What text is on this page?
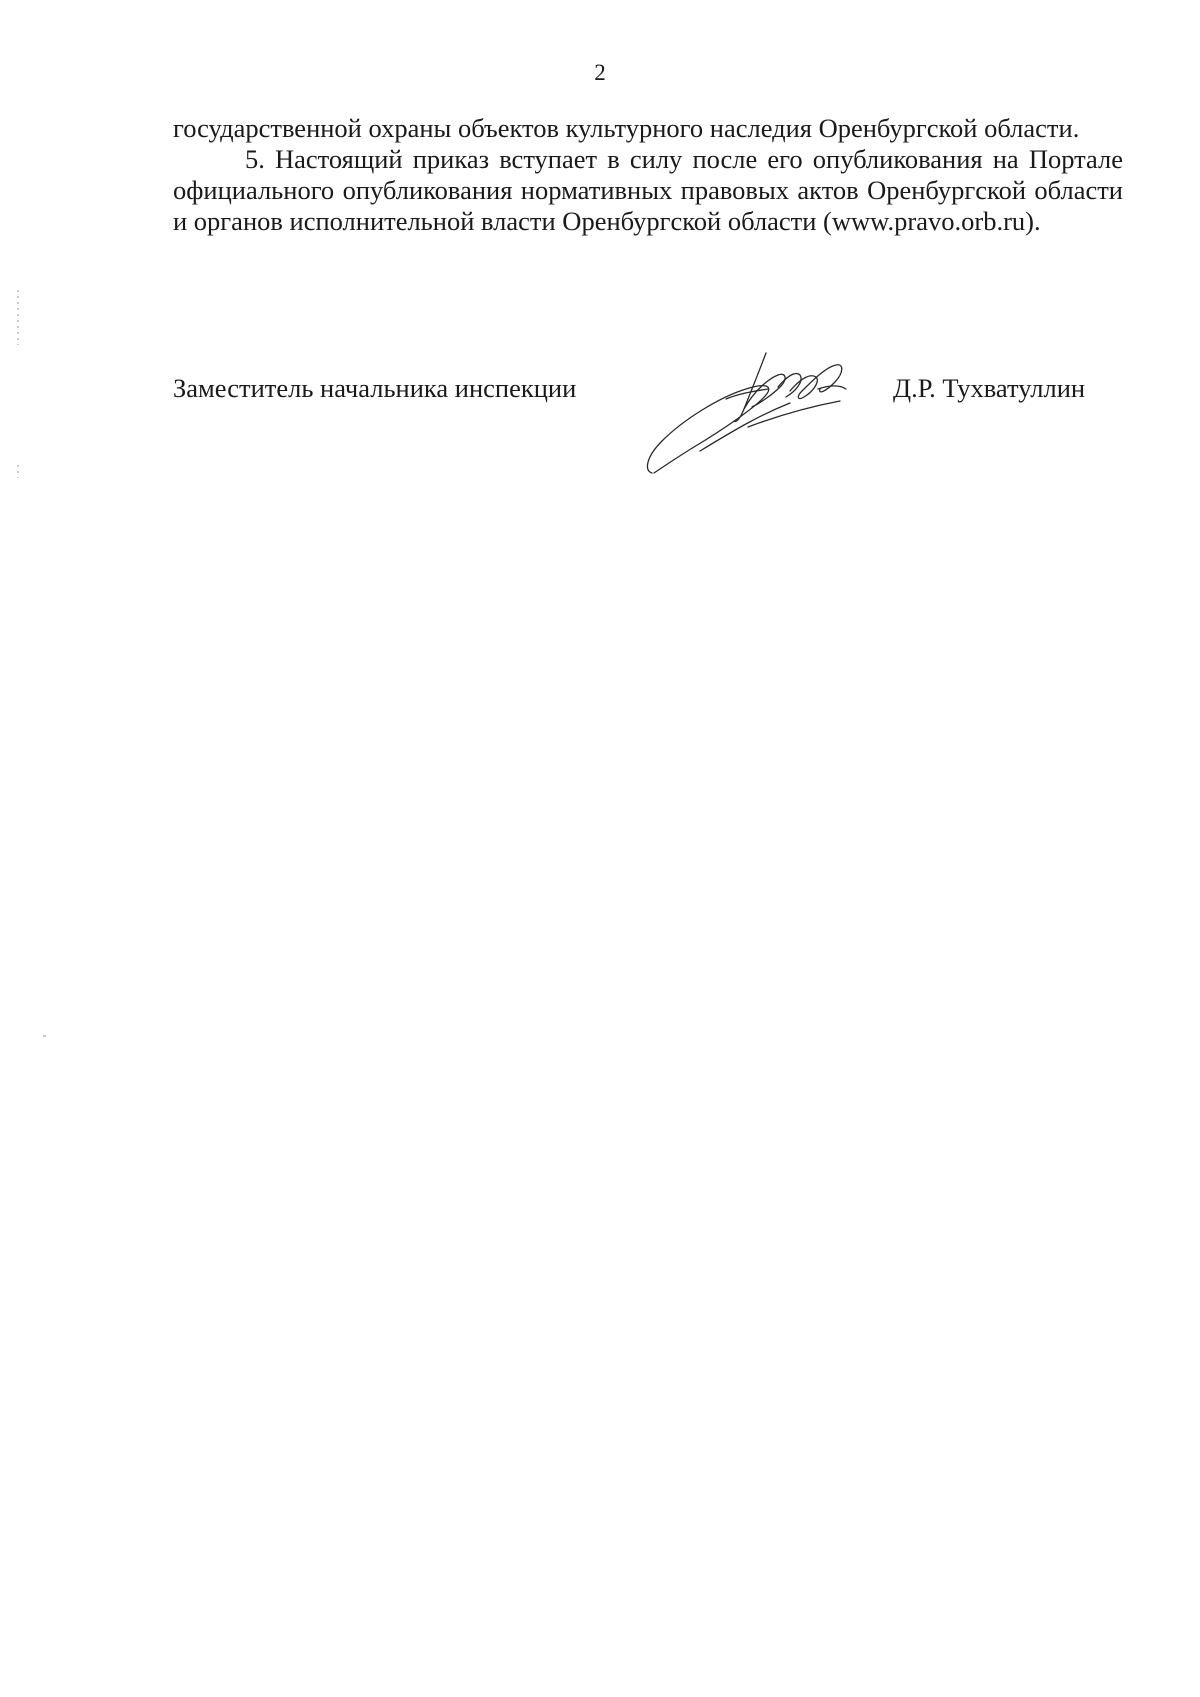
2

государственной охраны объектов культурного наследия Оренбургской области.

5. Настоящий приказ вступает в силу после его опубликования на Портале официального опубликования нормативных правовых актов Оренбургской области и органов исполнительной власти Оренбургской области (www.pravo.orb.ru).

Заместитель начальника инспекции	Д.Р. Тухватуллин
